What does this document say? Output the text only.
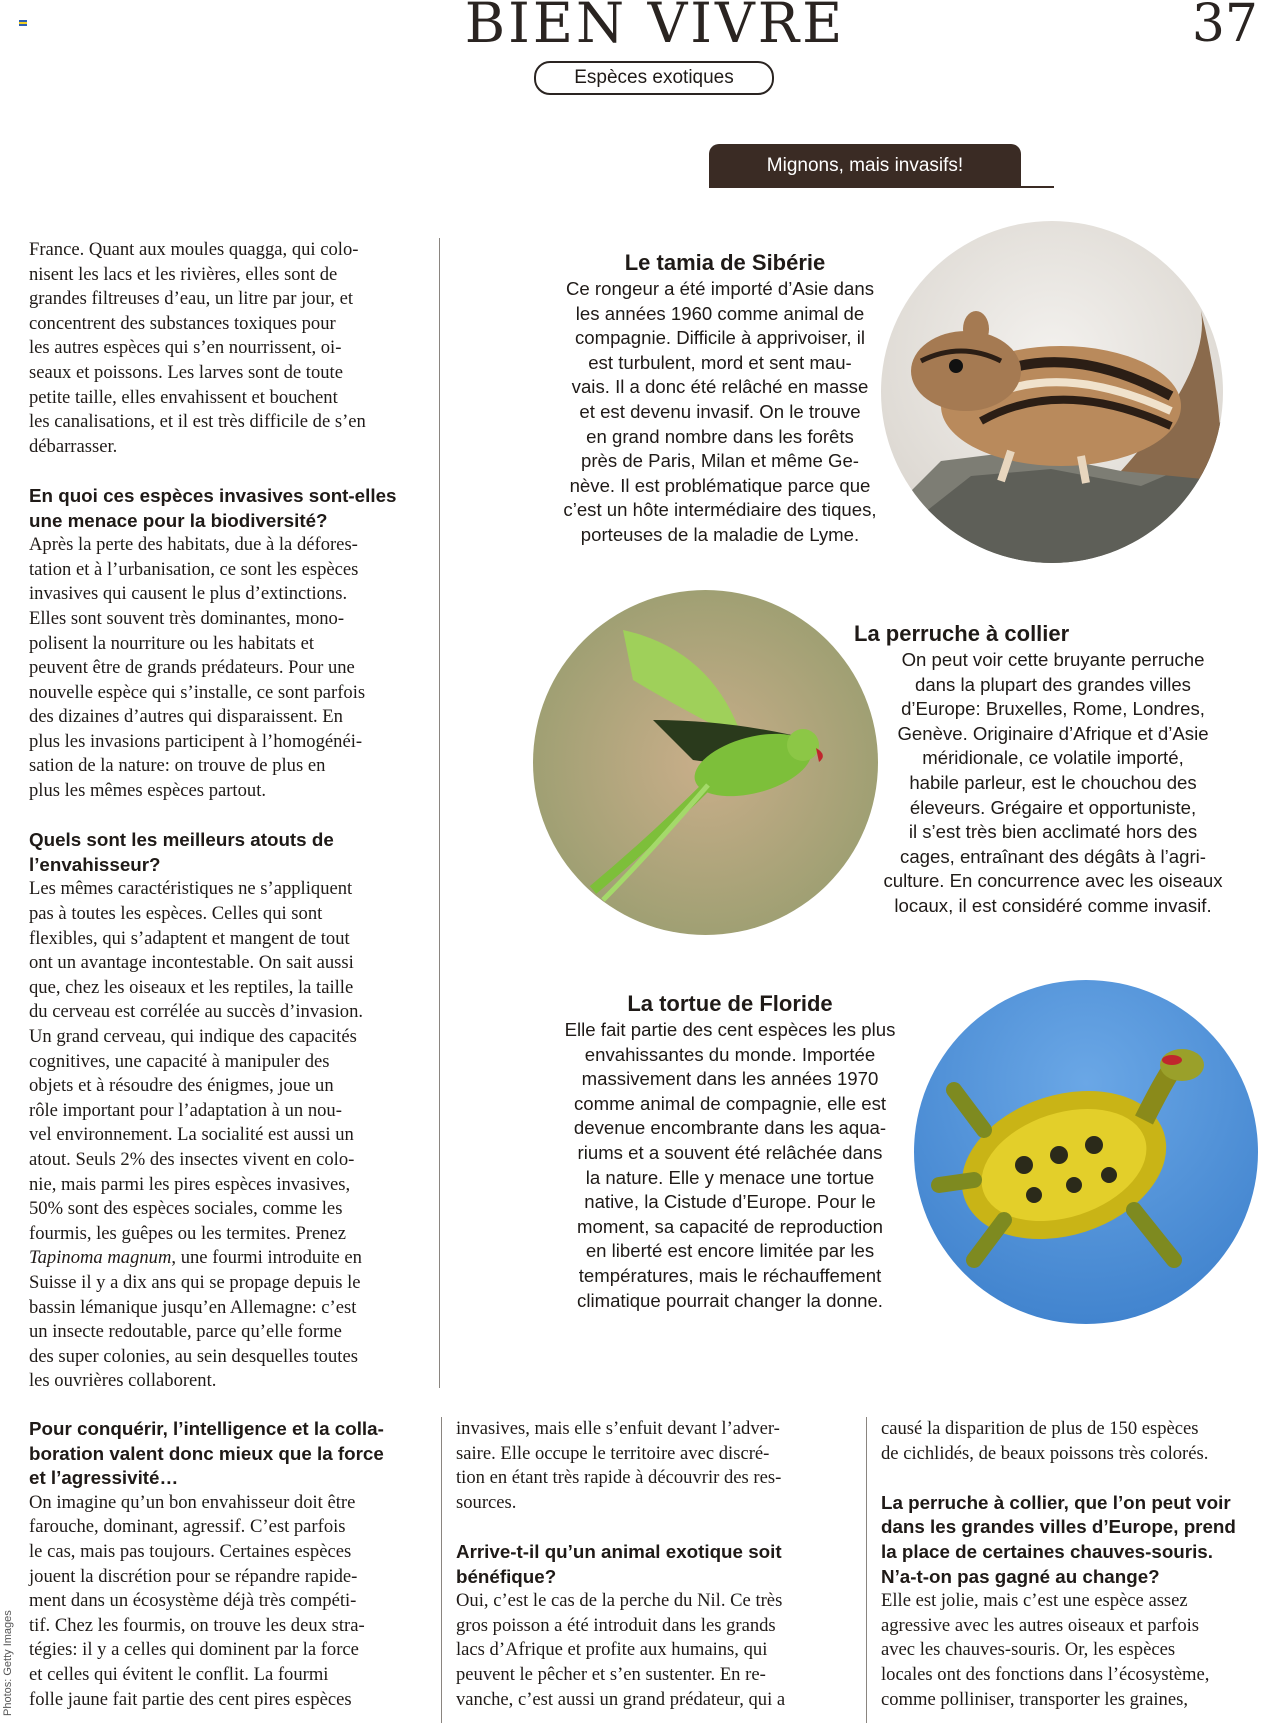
BIEN VIVRE	37
Espèces exotiques
Mignons, mais invasifs!
France. Quant aux moules quagga, qui colo-
nisent les lacs et les rivières, elles sont de
grandes filtreuses d’eau, un litre par jour, et
concentrent des substances toxiques pour
les autres espèces qui s’en nourrissent, oi-
seaux et poissons. Les larves sont de toute
petite taille, elles envahissent et bouchent
les canalisations, et il est très difficile de s’en
débarrasser.
En quoi ces espèces invasives sont-elles
une menace pour la biodiversité?
Après la perte des habitats, due à la défores-
tation et à l’urbanisation, ce sont les espèces
invasives qui causent le plus d’extinctions.
Elles sont souvent très dominantes, mono-
polisent la nourriture ou les habitats et
peuvent être de grands prédateurs. Pour une
nouvelle espèce qui s’installe, ce sont parfois
des dizaines d’autres qui disparaissent. En
plus les invasions participent à l’homogénéi-
sation de la nature: on trouve de plus en
plus les mêmes espèces partout.
Quels sont les meilleurs atouts de
l’envahisseur?
Les mêmes caractéristiques ne s’appliquent
pas à toutes les espèces. Celles qui sont
flexibles, qui s’adaptent et mangent de tout
ont un avantage incontestable. On sait aussi
que, chez les oiseaux et les reptiles, la taille
du cerveau est corrélée au succès d’invasion.
Un grand cerveau, qui indique des capacités
cognitives, une capacité à manipuler des
objets et à résoudre des énigmes, joue un
rôle important pour l’adaptation à un nou-
vel environnement. La socialité est aussi un
atout. Seuls 2% des insectes vivent en colo-
nie, mais parmi les pires espèces invasives,
50% sont des espèces sociales, comme les
fourmis, les guêpes ou les termites. Prenez
Tapinoma magnum, une fourmi introduite en
Suisse il y a dix ans qui se propage depuis le
bassin lémanique jusqu’en Allemagne: c’est
un insecte redoutable, parce qu’elle forme
des super colonies, au sein desquelles toutes
les ouvrières collaborent.
Pour conquérir, l’intelligence et la colla-
boration valent donc mieux que la force
et l’agressivité…
On imagine qu’un bon envahisseur doit être
farouche, dominant, agressif. C’est parfois
le cas, mais pas toujours. Certaines espèces
jouent la discrétion pour se répandre rapide-
ment dans un écosystème déjà très compéti-
tif. Chez les fourmis, on trouve les deux stra-
tégies: il y a celles qui dominent par la force
et celles qui évitent le conflit. La fourmi
folle jaune fait partie des cent pires espèces
invasives, mais elle s’enfuit devant l’adver-
saire. Elle occupe le territoire avec discré-
tion en étant très rapide à découvrir des res-
sources.
Arrive-t-il qu’un animal exotique soit
bénéfique?
Oui, c’est le cas de la perche du Nil. Ce très
gros poisson a été introduit dans les grands
lacs d’Afrique et profite aux humains, qui
peuvent le pêcher et s’en sustenter. En re-
vanche, c’est aussi un grand prédateur, qui a
causé la disparition de plus de 150 espèces
de cichlidés, de beaux poissons très colorés.
La perruche à collier, que l’on peut voir
dans les grandes villes d’Europe, prend
la place de certaines chauves-souris.
N’a-t-on pas gagné au change?
Elle est jolie, mais c’est une espèce assez
agressive avec les autres oiseaux et parfois
avec les chauves-souris. Or, les espèces
locales ont des fonctions dans l’écosystème,
comme polliniser, transporter les graines,
Le tamia de Sibérie
Ce rongeur a été importé d’Asie dans
les années 1960 comme animal de
compagnie. Difficile à apprivoiser, il
est turbulent, mord et sent mau-
vais. Il a donc été relâché en masse
et est devenu invasif. On le trouve
en grand nombre dans les forêts
près de Paris, Milan et même Ge-
nève. Il est problématique parce que
c’est un hôte intermédiaire des tiques,
porteuses de la maladie de Lyme.
La perruche à collier
On peut voir cette bruyante perruche
dans la plupart des grandes villes
d’Europe: Bruxelles, Rome, Londres,
Genève. Originaire d’Afrique et d’Asie
méridionale, ce volatile importé,
habile parleur, est le chouchou des
éleveurs. Grégaire et opportuniste,
il s’est très bien acclimaté hors des
cages, entraînant des dégâts à l’agri-
culture. En concurrence avec les oiseaux
locaux, il est considéré comme invasif.
La tortue de Floride
Elle fait partie des cent espèces les plus
envahissantes du monde. Importée
massivement dans les années 1970
comme animal de compagnie, elle est
devenue encombrante dans les aqua-
riums et a souvent été relâchée dans
la nature. Elle y menace une tortue
native, la Cistude d’Europe. Pour le
moment, sa capacité de reproduction
en liberté est encore limitée par les
températures, mais le réchauffement
climatique pourrait changer la donne.
Photos: Getty Images
